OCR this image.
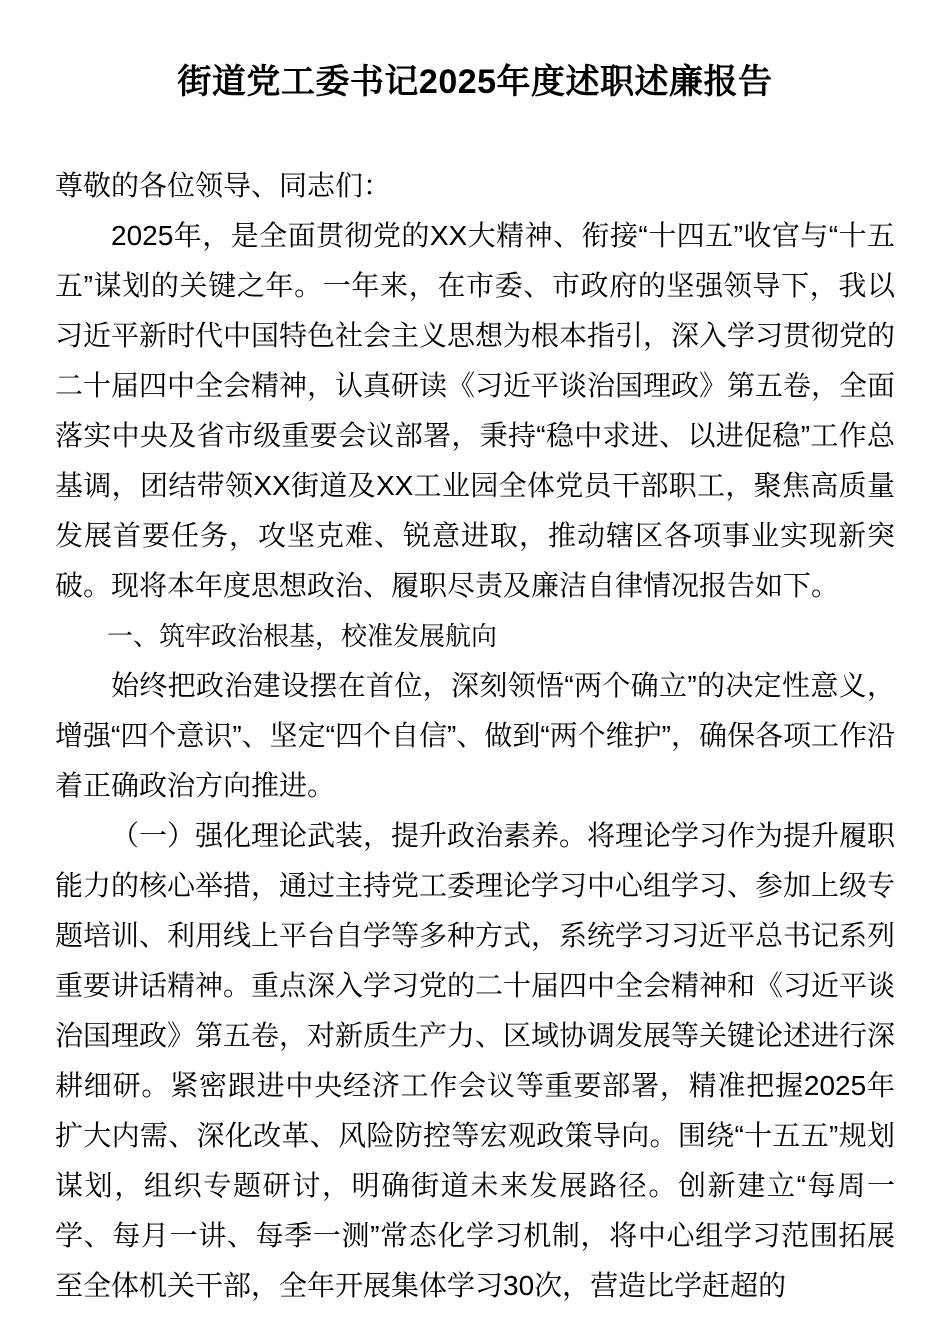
街道党工委书记2025年度述职述廉报告

尊敬的各位领导、同志们：

2025年，是全面贯彻党的XX大精神、衔接“十四五”收官与“十五五”谋划的关键之年。一年来，在市委、市政府的坚强领导下，我以习近平新时代中国特色社会主义思想为根本指引，深入学习贯彻党的二十届四中全会精神，认真研读《习近平谈治国理政》第五卷，全面落实中央及省市级重要会议部署，秉持“稳中求进、以进促稳”工作总基调，团结带领XX街道及XX工业园全体党员干部职工，聚焦高质量发展首要任务，攻坚克难、锐意进取，推动辖区各项事业实现新突破。现将本年度思想政治、履职尽责及廉洁自律情况报告如下。

一、筑牢政治根基，校准发展航向

始终把政治建设摆在首位，深刻领悟“两个确立”的决定性意义，增强“四个意识”、坚定“四个自信”、做到“两个维护”，确保各项工作沿着正确政治方向推进。

（一）强化理论武装，提升政治素养。将理论学习作为提升履职能力的核心举措，通过主持党工委理论学习中心组学习、参加上级专题培训、利用线上平台自学等多种方式，系统学习习近平总书记系列重要讲话精神。重点深入学习党的二十届四中全会精神和《习近平谈治国理政》第五卷，对新质生产力、区域协调发展等关键论述进行深耕细研。紧密跟进中央经济工作会议等重要部署，精准把握2025年扩大内需、深化改革、风险防控等宏观政策导向。围绕“十五五”规划谋划，组织专题研讨，明确街道未来发展路径。创新建立“每周一学、每月一讲、每季一测”常态化学习机制，将中心组学习范围拓展至全体机关干部，全年开展集体学习30次，营造比学赶超的
